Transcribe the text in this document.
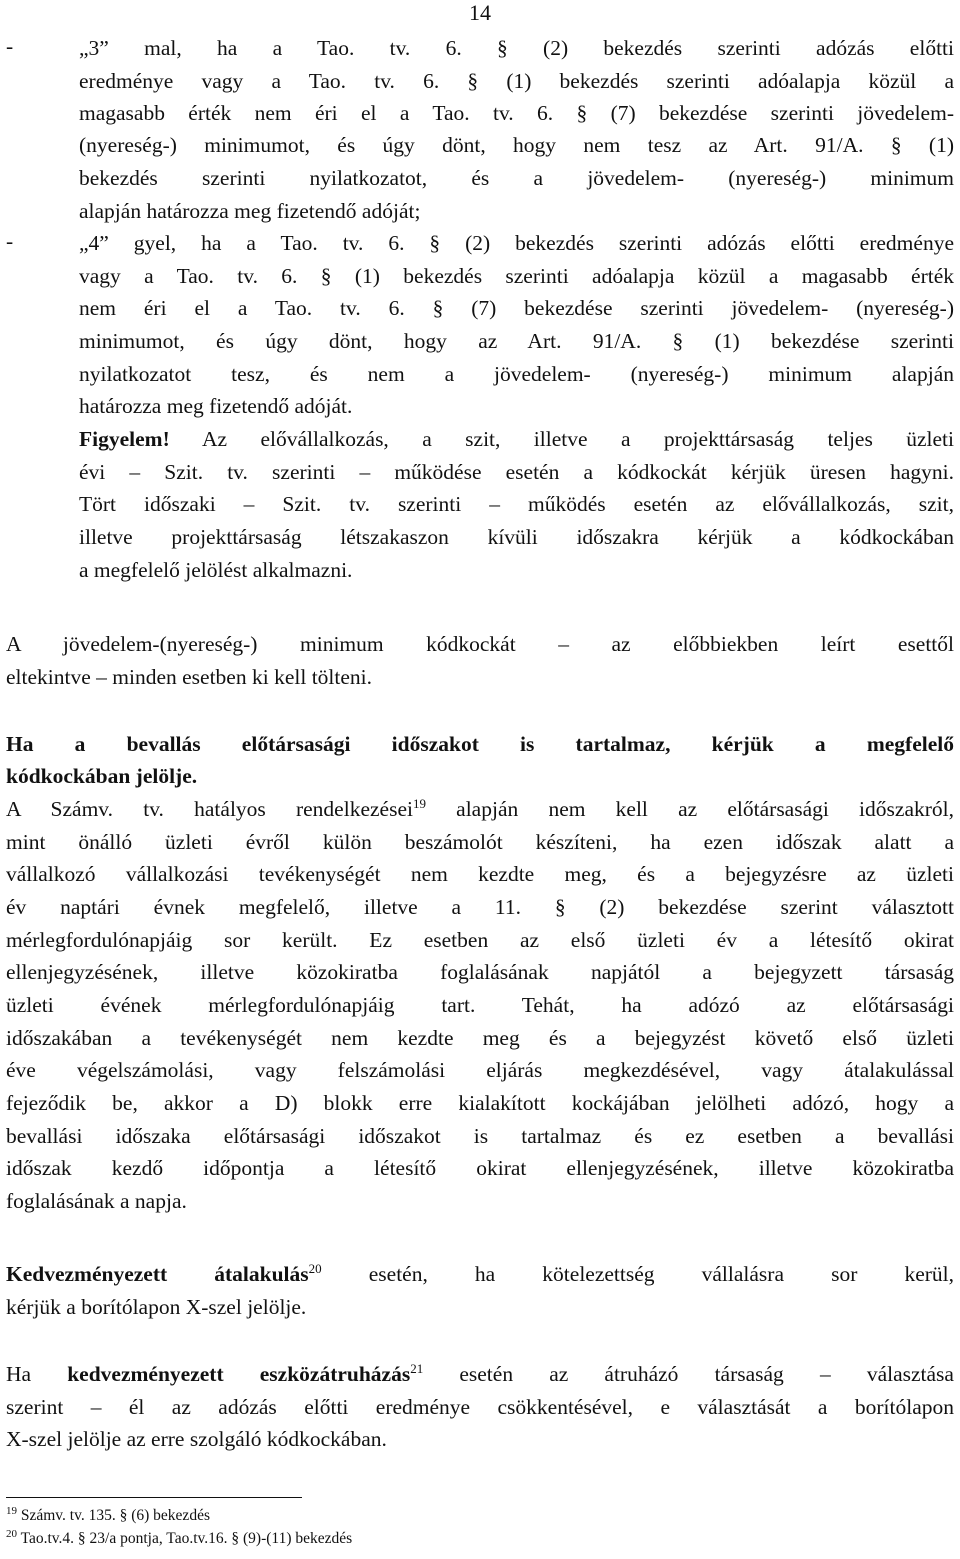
14
-	„3” mal, ha a Tao. tv. 6. § (2) bekezdés szerinti adózás előtti
eredménye vagy a Tao. tv. 6. § (1) bekezdés szerinti adóalapja közül a
magasabb érték nem éri el a Tao. tv. 6. § (7) bekezdése szerinti jövedelem-
(nyereség-) minimumot, és úgy dönt, hogy nem tesz az Art. 91/A. § (1)
bekezdés szerinti nyilatkozatot, és a jövedelem- (nyereség-) minimum
alapján határozza meg fizetendő adóját;
-	„4” gyel, ha a Tao. tv. 6. § (2) bekezdés szerinti adózás előtti eredménye
vagy a Tao. tv. 6. § (1) bekezdés szerinti adóalapja közül a magasabb érték
nem éri el a Tao. tv. 6. § (7) bekezdése szerinti jövedelem- (nyereség-)
minimumot, és úgy dönt, hogy az Art. 91/A. § (1) bekezdése szerinti
nyilatkozatot tesz, és nem a jövedelem- (nyereség-) minimum alapján
határozza meg fizetendő adóját.
Figyelem! Az elővállalkozás, a szit, illetve a projekttársaság teljes üzleti
évi – Szit. tv. szerinti – működése esetén a kódkockát kérjük üresen hagyni.
Tört időszaki – Szit. tv. szerinti – működés esetén az elővállalkozás, szit,
illetve projekttársaság létszakaszon kívüli időszakra kérjük a kódkockában
a megfelelő jelölést alkalmazni.
A jövedelem-(nyereség-) minimum kódkockát – az előbbiekben leírt esettől
eltekintve – minden esetben ki kell tölteni.
Ha a bevallás előtársasági időszakot is tartalmaz, kérjük a megfelelő
kódkockában jelölje.
A Számv. tv. hatályos rendelkezései$^{19}$ alapján nem kell az előtársasági időszakról,
mint önálló üzleti évről külön beszámolót készíteni, ha ezen időszak alatt a
vállalkozó vállalkozási tevékenységét nem kezdte meg, és a bejegyzésre az üzleti
év naptári évnek megfelelő, illetve a 11. § (2) bekezdése szerint választott
mérlegfordulónapjáig sor került. Ez esetben az első üzleti év a létesítő okirat
ellenjegyzésének, illetve közokiratba foglalásának napjától a bejegyzett társaság
üzleti évének mérlegfordulónapjáig tart. Tehát, ha adózó az előtársasági
időszakában a tevékenységét nem kezdte meg és a bejegyzést követő első üzleti
éve végelszámolási, vagy felszámolási eljárás megkezdésével, vagy átalakulással
fejeződik be, akkor a D) blokk erre kialakított kockájában jelölheti adózó, hogy a
bevallási időszaka előtársasági időszakot is tartalmaz és ez esetben a bevallási
időszak kezdő időpontja a létesítő okirat ellenjegyzésének, illetve közokiratba
foglalásának a napja.
Kedvezményezett átalakulás$^{20}$ esetén, ha kötelezettség vállalásra sor kerül,
kérjük a borítólapon X-szel jelölje.
Ha kedvezményezett eszközátruházás$^{21}$ esetén az átruházó társaság – választása
szerint – él az adózás előtti eredménye csökkentésével, e választását a borítólapon
X-szel jelölje az erre szolgáló kódkockában.
$^{19}$ Számv. tv. 135. § (6) bekezdés
$^{20}$ Tao.tv.4. § 23/a pontja, Tao.tv.16. § (9)-(11) bekezdés
